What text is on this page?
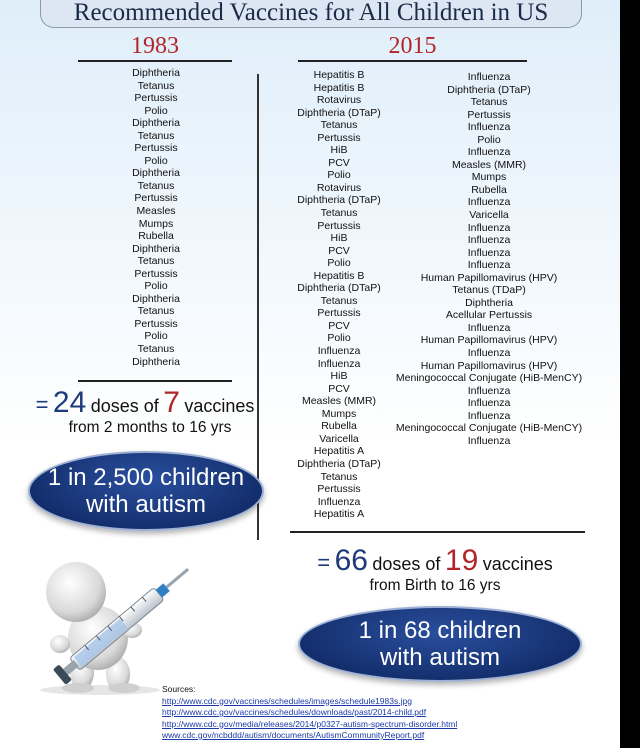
Recommended Vaccines for All Children in US
1983	2015
Diphtheria
Tetanus
Pertussis
Polio
Diphtheria
Tetanus
Pertussis
Polio
Diphtheria
Tetanus
Pertussis
Measles
Mumps
Rubella
Diphtheria
Tetanus
Pertussis
Polio
Diphtheria
Tetanus
Pertussis
Polio
Tetanus
Diphtheria
Hepatitis B
Hepatitis B
Rotavirus
Diphtheria (DTaP)
Tetanus
Pertussis
HiB
PCV
Polio
Rotavirus
Diphtheria (DTaP)
Tetanus
Pertussis
HiB
PCV
Polio
Hepatitis B
Diphtheria (DTaP)
Tetanus
Pertussis
PCV
Polio
Influenza
Influenza
HiB
PCV
Measles (MMR)
Mumps
Rubella
Varicella
Hepatitis A
Diphtheria (DTaP)
Tetanus
Pertussis
Influenza
Hepatitis A
Influenza
Diphtheria (DTaP)
Tetanus
Pertussis
Influenza
Polio
Influenza
Measles (MMR)
Mumps
Rubella
Influenza
Varicella
Influenza
Influenza
Influenza
Influenza
Human Papillomavirus (HPV)
Tetanus (TDaP)
Diphtheria
Acellular Pertussis
Influenza
Human Papillomavirus (HPV)
Influenza
Human Papillomavirus (HPV)
Meningococcal Conjugate (HiB-MenCY)
Influenza
Influenza
Influenza
Meningococcal Conjugate (HiB-MenCY)
Influenza
= 24 doses of 7 vaccines
from 2 months to 16 yrs
1 in 2,500 children
with autism
= 66 doses of 19 vaccines
from Birth to 16 yrs
1 in 68 children
with autism
Sources:
http://www.cdc.gov/vaccines/schedules/images/schedule1983s.jpg
http://www.cdc.gov/vaccines/schedules/downloads/past/2014-child.pdf
http://www.cdc.gov/media/releases/2014/p0327-autism-spectrum-disorder.html
www.cdc.gov/ncbddd/autism/documents/AutismCommunityReport.pdf
